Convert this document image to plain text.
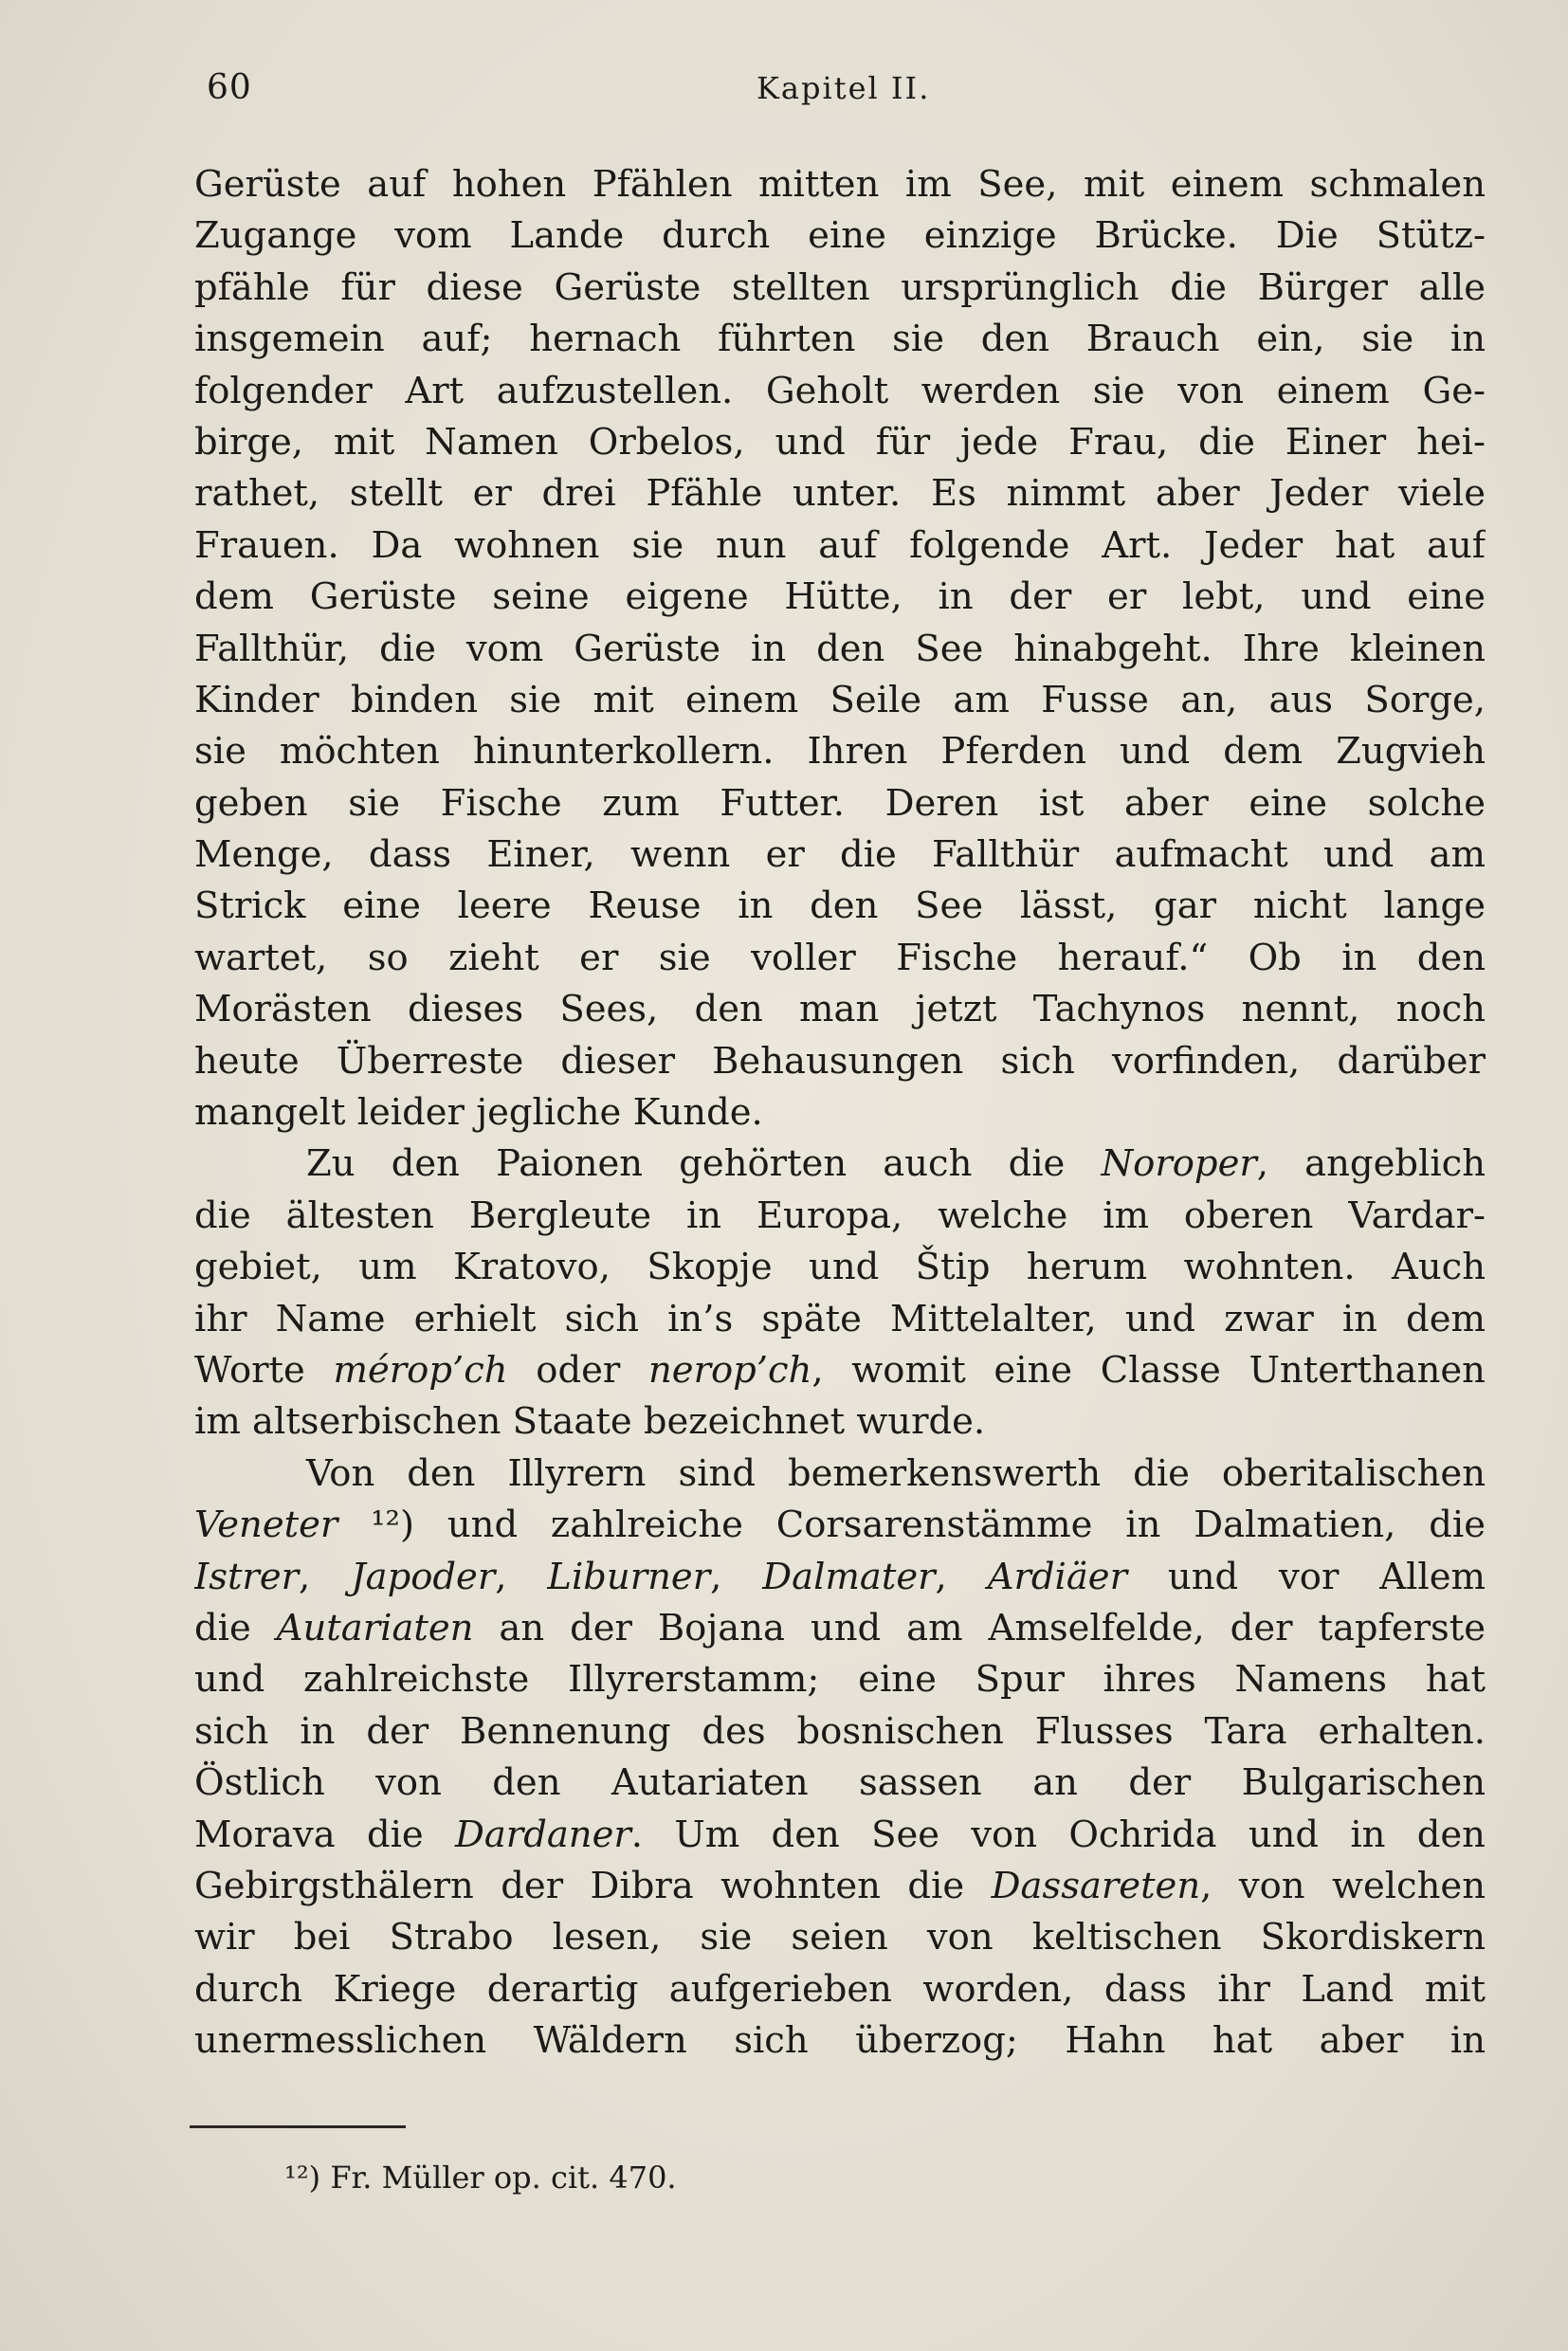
60	Kapitel II.
Gerüste auf hohen Pfählen mitten im See, mit einem schmalen
Zugange vom Lande durch eine einzige Brücke. Die Stütz-
pfähle für diese Gerüste stellten ursprünglich die Bürger alle
insgemein auf; hernach führten sie den Brauch ein, sie in
folgender Art aufzustellen. Geholt werden sie von einem Ge-
birge, mit Namen Orbelos, und für jede Frau, die Einer hei-
rathet, stellt er drei Pfähle unter. Es nimmt aber Jeder viele
Frauen. Da wohnen sie nun auf folgende Art. Jeder hat auf
dem Gerüste seine eigene Hütte, in der er lebt, und eine
Fallthür, die vom Gerüste in den See hinabgeht. Ihre kleinen
Kinder binden sie mit einem Seile am Fusse an, aus Sorge,
sie möchten hinunterkollern. Ihren Pferden und dem Zugvieh
geben sie Fische zum Futter. Deren ist aber eine solche
Menge, dass Einer, wenn er die Fallthür aufmacht und am
Strick eine leere Reuse in den See lässt, gar nicht lange
wartet, so zieht er sie voller Fische herauf.“ Ob in den
Morästen dieses Sees, den man jetzt Tachynos nennt, noch
heute Überreste dieser Behausungen sich vorfinden, darüber
mangelt leider jegliche Kunde.
Zu den Paionen gehörten auch die Noroper, angeblich
die ältesten Bergleute in Europa, welche im oberen Vardar-
gebiet, um Kratovo, Skopje und Štip herum wohnten. Auch
ihr Name erhielt sich in’s späte Mittelalter, und zwar in dem
Worte mérop’ch oder nerop’ch, womit eine Classe Unterthanen
im altserbischen Staate bezeichnet wurde.
Von den Illyrern sind bemerkenswerth die oberitalischen
Veneter ¹²) und zahlreiche Corsarenstämme in Dalmatien, die
Istrer, Japoder, Liburner, Dalmater, Ardiäer und vor Allem
die Autariaten an der Bojana und am Amselfelde, der tapferste
und zahlreichste Illyrerstamm; eine Spur ihres Namens hat
sich in der Bennenung des bosnischen Flusses Tara erhalten.
Östlich von den Autariaten sassen an der Bulgarischen
Morava die Dardaner. Um den See von Ochrida und in den
Gebirgsthälern der Dibra wohnten die Dassareten, von welchen
wir bei Strabo lesen, sie seien von keltischen Skordiskern
durch Kriege derartig aufgerieben worden, dass ihr Land mit
unermesslichen Wäldern sich überzog; Hahn hat aber in
¹²) Fr. Müller op. cit. 470.
